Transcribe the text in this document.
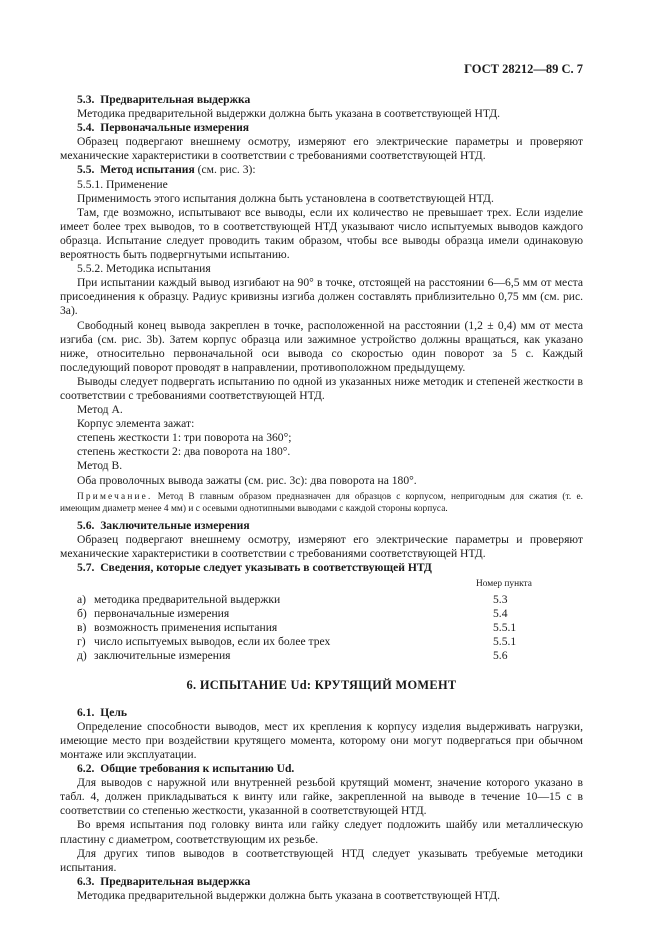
ГОСТ 28212—89 С. 7

5.3. Предварительная выдержка

Методика предварительной выдержки должна быть указана в соответствующей НТД.

5.4. Первоначальные измерения

Образец подвергают внешнему осмотру, измеряют его электрические параметры и проверяют механические характеристики в соответствии с требованиями соответствующей НТД.

5.5. Метод испытания (см. рис. 3):

5.5.1. Применение

Применимость этого испытания должна быть установлена в соответствующей НТД.

Там, где возможно, испытывают все выводы, если их количество не превышает трех. Если изделие имеет более трех выводов, то в соответствующей НТД указывают число испытуемых выводов каждого образца. Испытание следует проводить таким образом, чтобы все выводы образца имели одинаковую вероятность быть подвергнутыми испытанию.

5.5.2. Методика испытания

При испытании каждый вывод изгибают на 90° в точке, отстоящей на расстоянии 6—6,5 мм от места присоединения к образцу. Радиус кривизны изгиба должен составлять приблизительно 0,75 мм (см. рис. 3а).

Свободный конец вывода закреплен в точке, расположенной на расстоянии (1,2 ± 0,4) мм от места изгиба (см. рис. 3b). Затем корпус образца или зажимное устройство должны вращаться, как указано ниже, относительно первоначальной оси вывода со скоростью один поворот за 5 с. Каждый последующий поворот проводят в направлении, противоположном предыдущему.

Выводы следует подвергать испытанию по одной из указанных ниже методик и степеней жесткости в соответствии с требованиями соответствующей НТД.

Метод А.

Корпус элемента зажат:

степень жесткости 1: три поворота на 360°;

степень жесткости 2: два поворота на 180°.

Метод В.

Оба проволочных вывода зажаты (см. рис. 3с): два поворота на 180°.

Примечание. Метод В главным образом предназначен для образцов с корпусом, непригодным для сжатия (т. е. имеющим диаметр менее 4 мм) и с осевыми однотипными выводами с каждой стороны корпуса.

5.6. Заключительные измерения

Образец подвергают внешнему осмотру, измеряют его электрические параметры и проверяют механические характеристики в соответствии с требованиями соответствующей НТД.

5.7. Сведения, которые следует указывать в соответствующей НТД

Номер пункта
а) методика предварительной выдержки	5.3
б) первоначальные измерения	5.4
в) возможность применения испытания	5.5.1
г) число испытуемых выводов, если их более трех	5.5.1
д) заключительные измерения	5.6

6. ИСПЫТАНИЕ Ud: КРУТЯЩИЙ МОМЕНТ

6.1. Цель

Определение способности выводов, мест их крепления к корпусу изделия выдерживать нагрузки, имеющие место при воздействии крутящего момента, которому они могут подвергаться при обычном монтаже или эксплуатации.

6.2. Общие требования к испытанию Ud.

Для выводов с наружной или внутренней резьбой крутящий момент, значение которого указано в табл. 4, должен прикладываться к винту или гайке, закрепленной на выводе в течение 10—15 с в соответствии со степенью жесткости, указанной в соответствующей НТД.

Во время испытания под головку винта или гайку следует подложить шайбу или металлическую пластину с диаметром, соответствующим их резьбе.

Для других типов выводов в соответствующей НТД следует указывать требуемые методики испытания.

6.3. Предварительная выдержка

Методика предварительной выдержки должна быть указана в соответствующей НТД.
